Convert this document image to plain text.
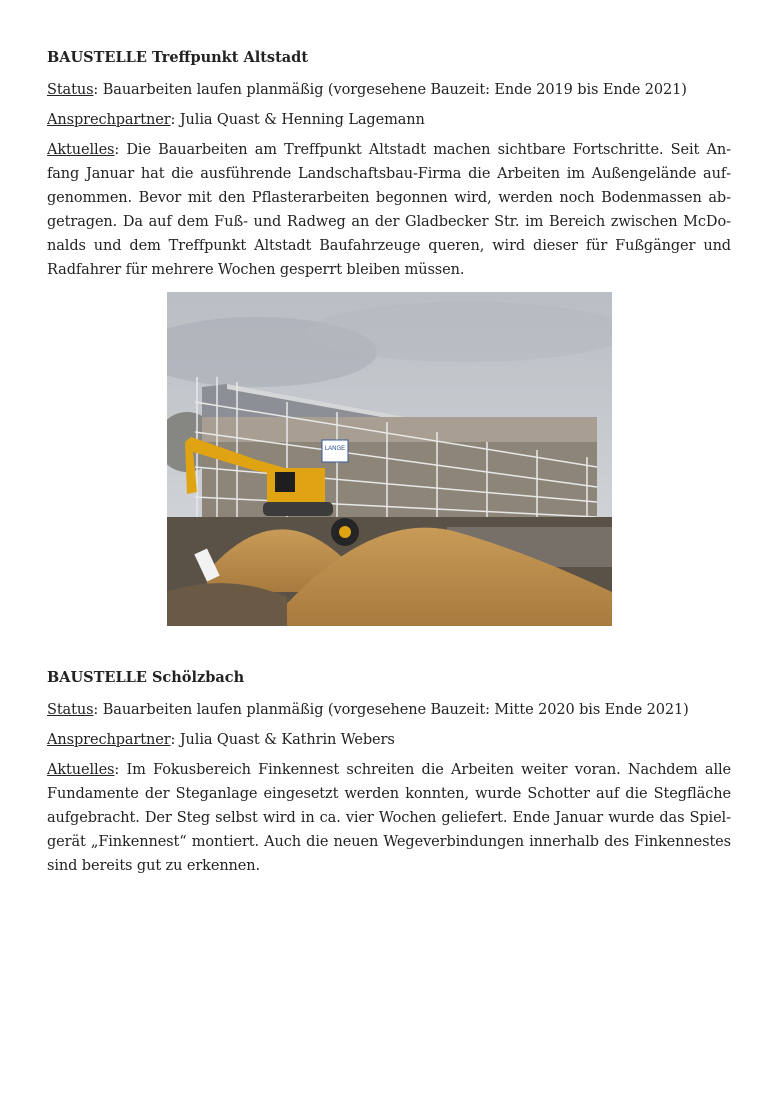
BAUSTELLE Treffpunkt Altstadt

Status: Bauarbeiten laufen planmäßig (vorgesehene Bauzeit: Ende 2019 bis Ende 2021)

Ansprechpartner: Julia Quast & Henning Lagemann

Aktuelles: Die Bauarbeiten am Treffpunkt Altstadt machen sichtbare Fortschritte. Seit Anfang Januar hat die ausführende Landschaftsbau-Firma die Arbeiten im Außengelände aufgenommen. Bevor mit den Pflasterarbeiten begonnen wird, werden noch Bodenmassen abgetragen. Da auf dem Fuß- und Radweg an der Gladbecker Str. im Bereich zwischen McDonalds und dem Treffpunkt Altstadt Baufahrzeuge queren, wird dieser für Fußgänger und Radfahrer für mehrere Wochen gesperrt bleiben müssen.

LANGE
BAUSTELLE Schölzbach

Status: Bauarbeiten laufen planmäßig (vorgesehene Bauzeit: Mitte 2020 bis Ende 2021)

Ansprechpartner: Julia Quast & Kathrin Webers

Aktuelles: Im Fokusbereich Finkennest schreiten die Arbeiten weiter voran. Nachdem alle Fundamente der Steganlage eingesetzt werden konnten, wurde Schotter auf die Stegfläche aufgebracht. Der Steg selbst wird in ca. vier Wochen geliefert. Ende Januar wurde das Spielgerät „Finkennest“ montiert. Auch die neuen Wegeverbindungen innerhalb des Finkennestes sind bereits gut zu erkennen.
